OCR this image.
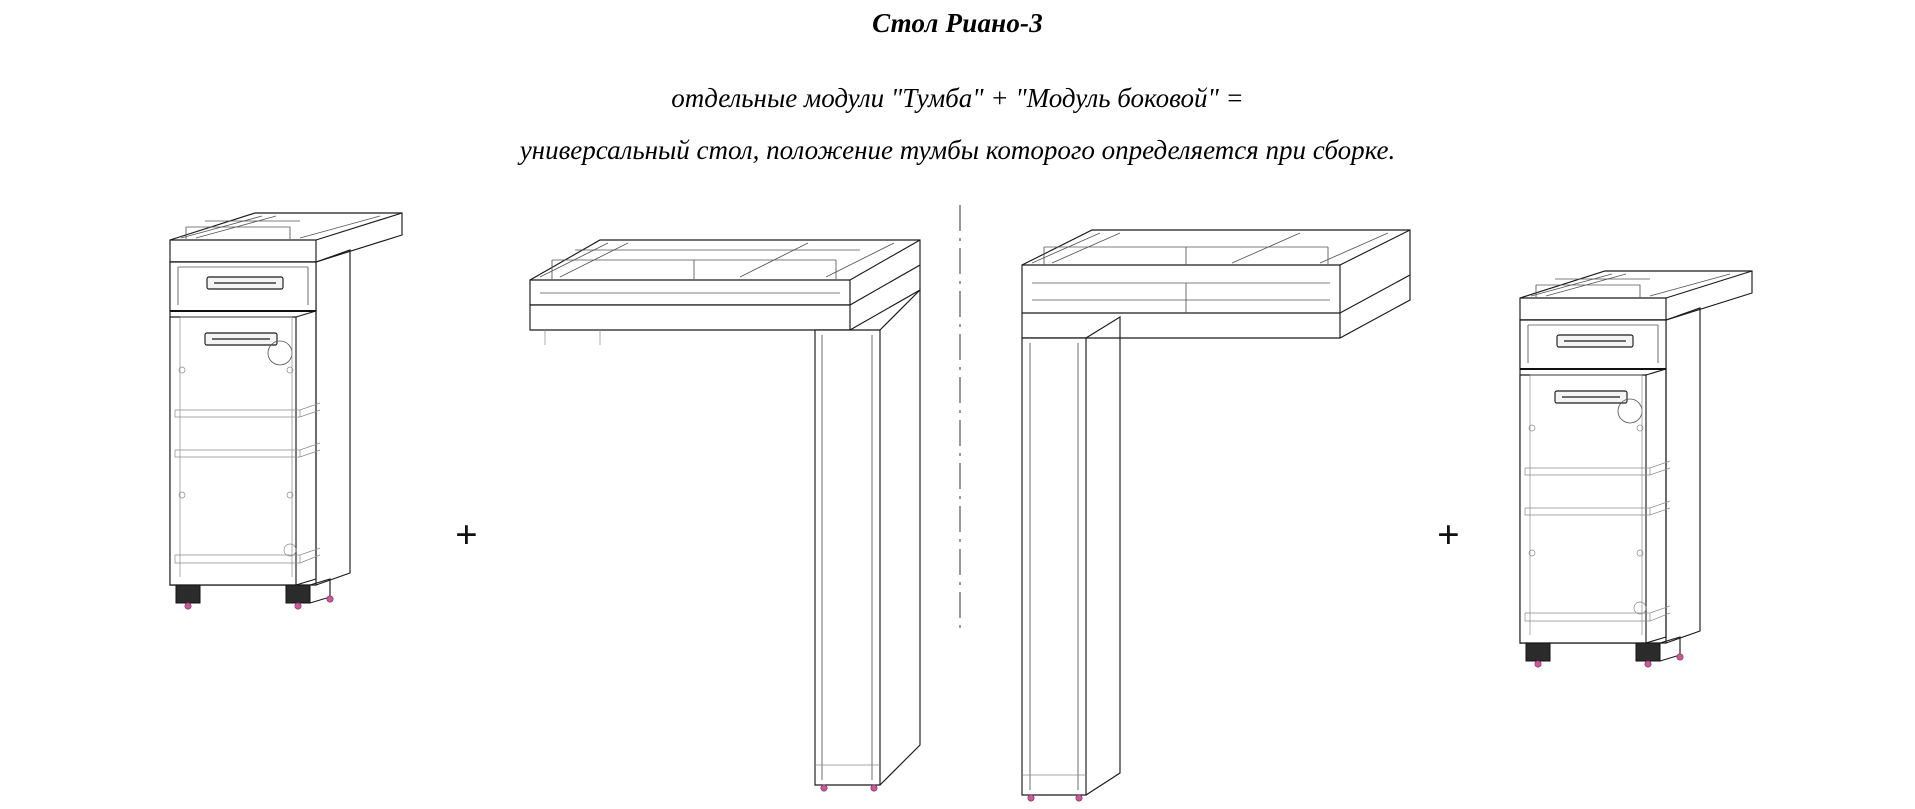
Стол Риано-3
отдельные модули "Тумба" + "Модуль боковой" =
универсальный стол, положение тумбы которого определяется при сборке.
+	+
